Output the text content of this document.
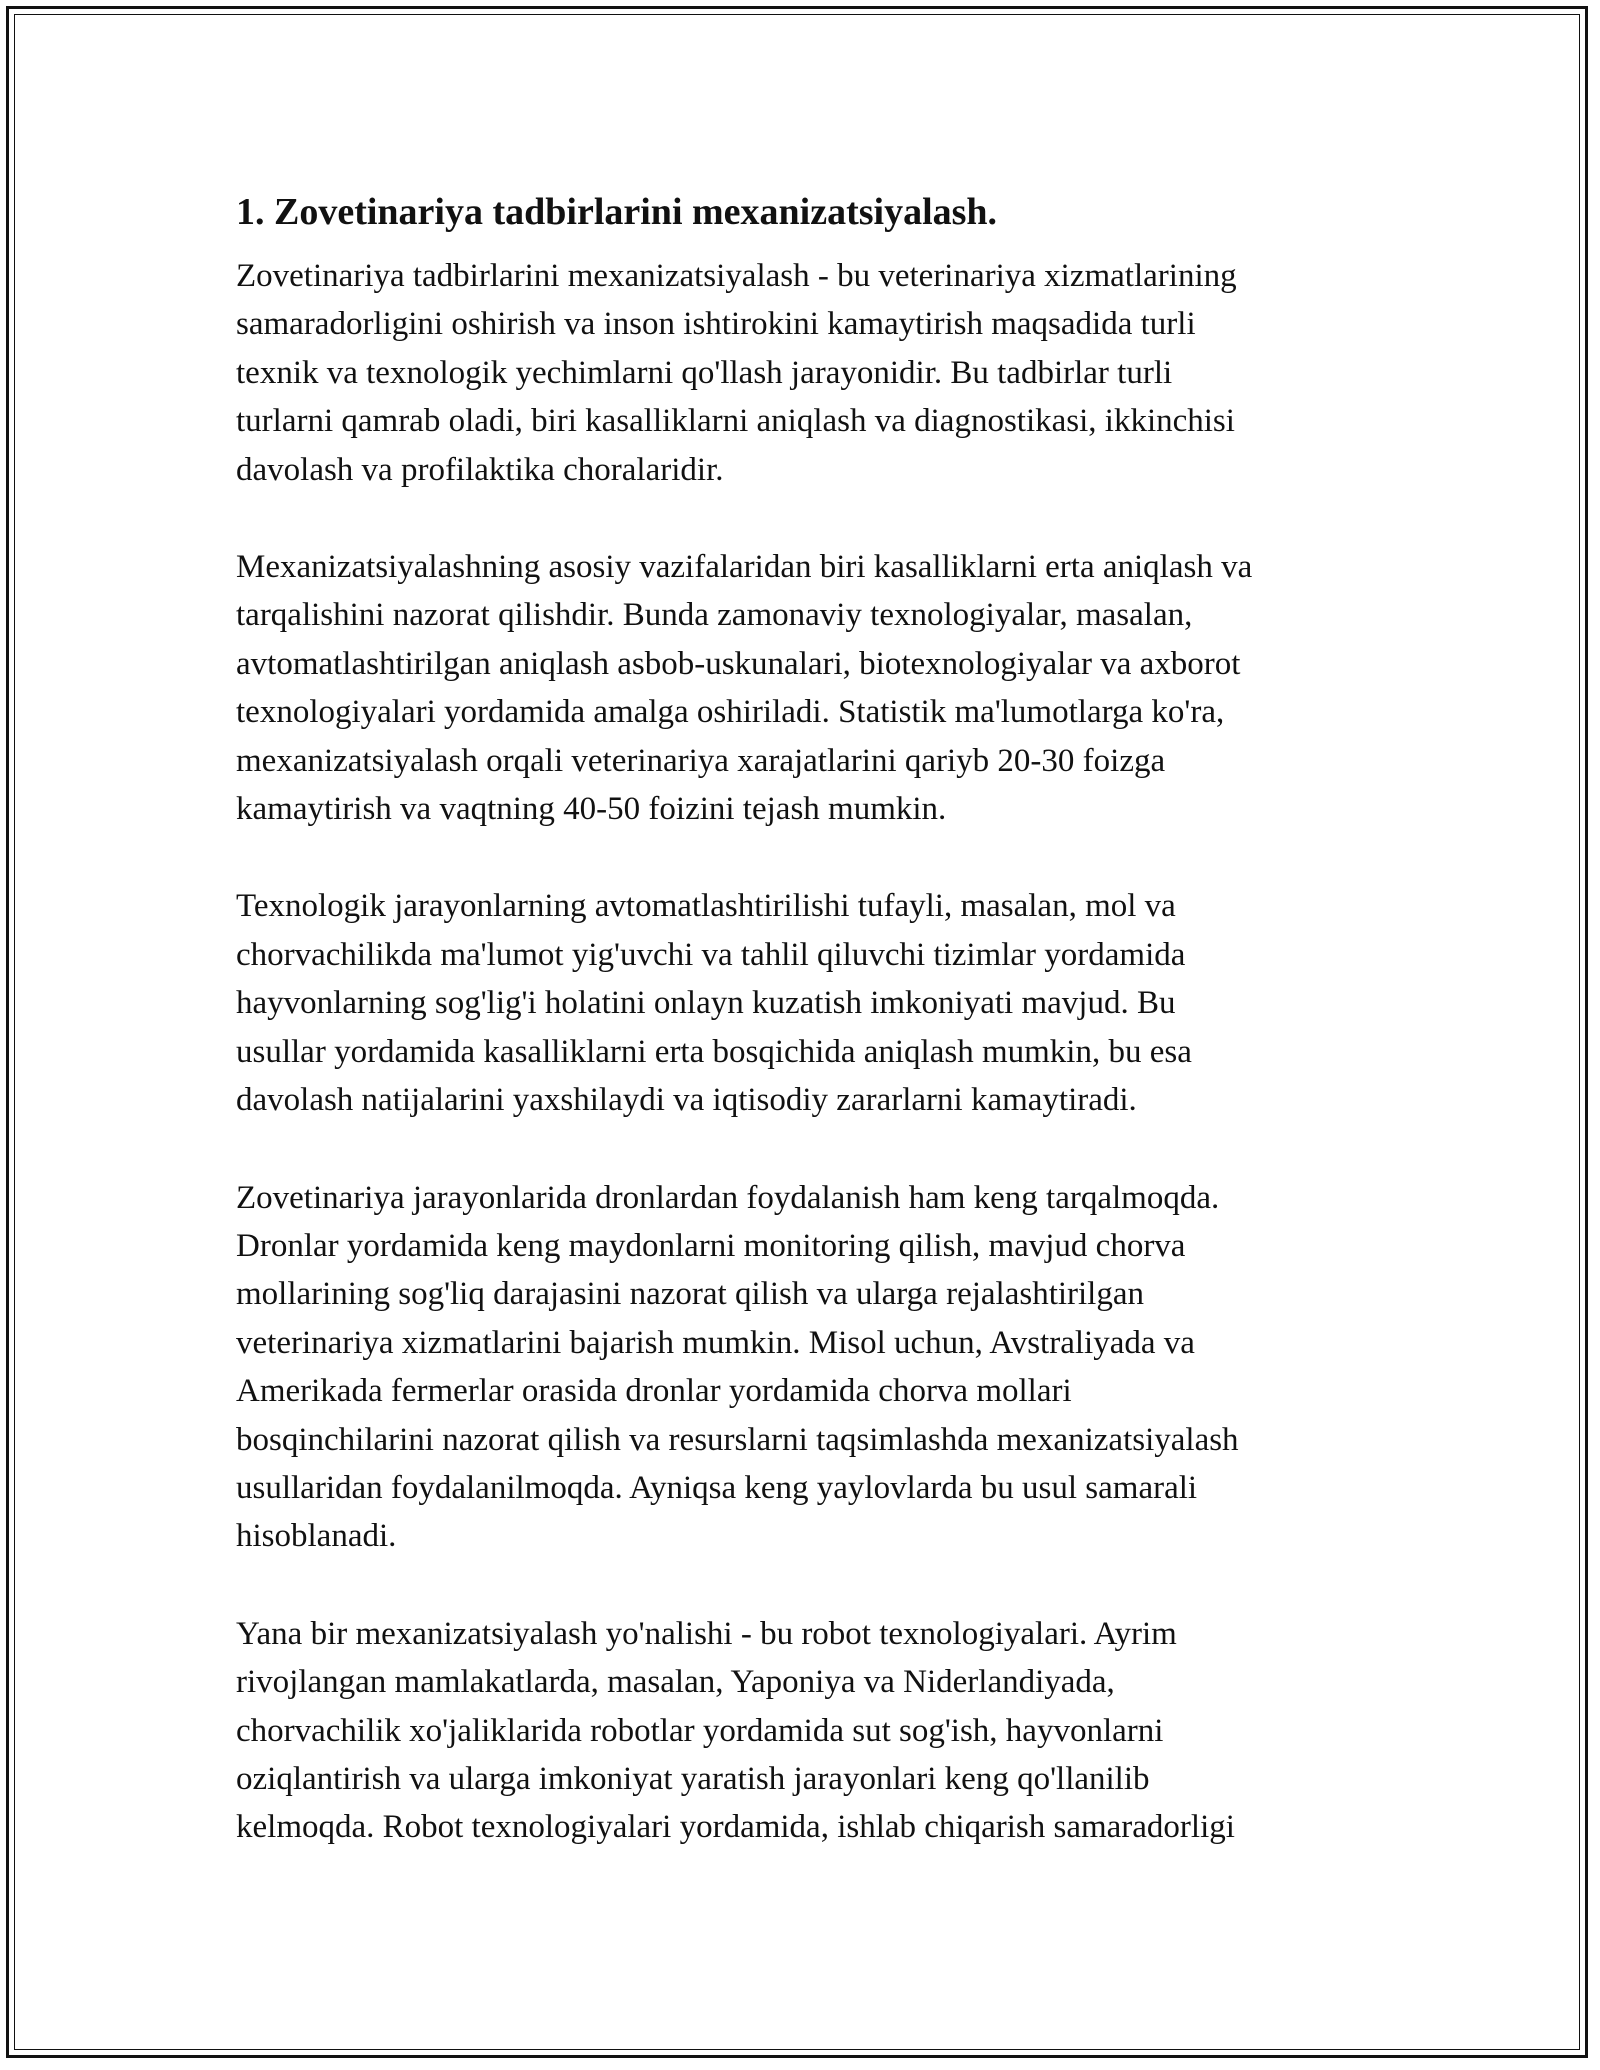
1. Zovetinariya tadbirlarini mexanizatsiyalash.

Zovetinariya tadbirlarini mexanizatsiyalash - bu veterinariya xizmatlarining
samaradorligini oshirish va inson ishtirokini kamaytirish maqsadida turli
texnik va texnologik yechimlarni qo'llash jarayonidir. Bu tadbirlar turli
turlarni qamrab oladi, biri kasalliklarni aniqlash va diagnostikasi, ikkinchisi
davolash va profilaktika choralaridir.

Mexanizatsiyalashning asosiy vazifalaridan biri kasalliklarni erta aniqlash va
tarqalishini nazorat qilishdir. Bunda zamonaviy texnologiyalar, masalan,
avtomatlashtirilgan aniqlash asbob-uskunalari, biotexnologiyalar va axborot
texnologiyalari yordamida amalga oshiriladi. Statistik ma'lumotlarga ko'ra,
mexanizatsiyalash orqali veterinariya xarajatlarini qariyb 20-30 foizga
kamaytirish va vaqtning 40-50 foizini tejash mumkin.

Texnologik jarayonlarning avtomatlashtirilishi tufayli, masalan, mol va
chorvachilikda ma'lumot yig'uvchi va tahlil qiluvchi tizimlar yordamida
hayvonlarning sog'lig'i holatini onlayn kuzatish imkoniyati mavjud. Bu
usullar yordamida kasalliklarni erta bosqichida aniqlash mumkin, bu esa
davolash natijalarini yaxshilaydi va iqtisodiy zararlarni kamaytiradi.

Zovetinariya jarayonlarida dronlardan foydalanish ham keng tarqalmoqda.
Dronlar yordamida keng maydonlarni monitoring qilish, mavjud chorva
mollarining sog'liq darajasini nazorat qilish va ularga rejalashtirilgan
veterinariya xizmatlarini bajarish mumkin. Misol uchun, Avstraliyada va
Amerikada fermerlar orasida dronlar yordamida chorva mollari
bosqinchilarini nazorat qilish va resurslarni taqsimlashda mexanizatsiyalash
usullaridan foydalanilmoqda. Ayniqsa keng yaylovlarda bu usul samarali
hisoblanadi.

Yana bir mexanizatsiyalash yo'nalishi - bu robot texnologiyalari. Ayrim
rivojlangan mamlakatlarda, masalan, Yaponiya va Niderlandiyada,
chorvachilik xo'jaliklarida robotlar yordamida sut sog'ish, hayvonlarni
oziqlantirish va ularga imkoniyat yaratish jarayonlari keng qo'llanilib
kelmoqda. Robot texnologiyalari yordamida, ishlab chiqarish samaradorligi
